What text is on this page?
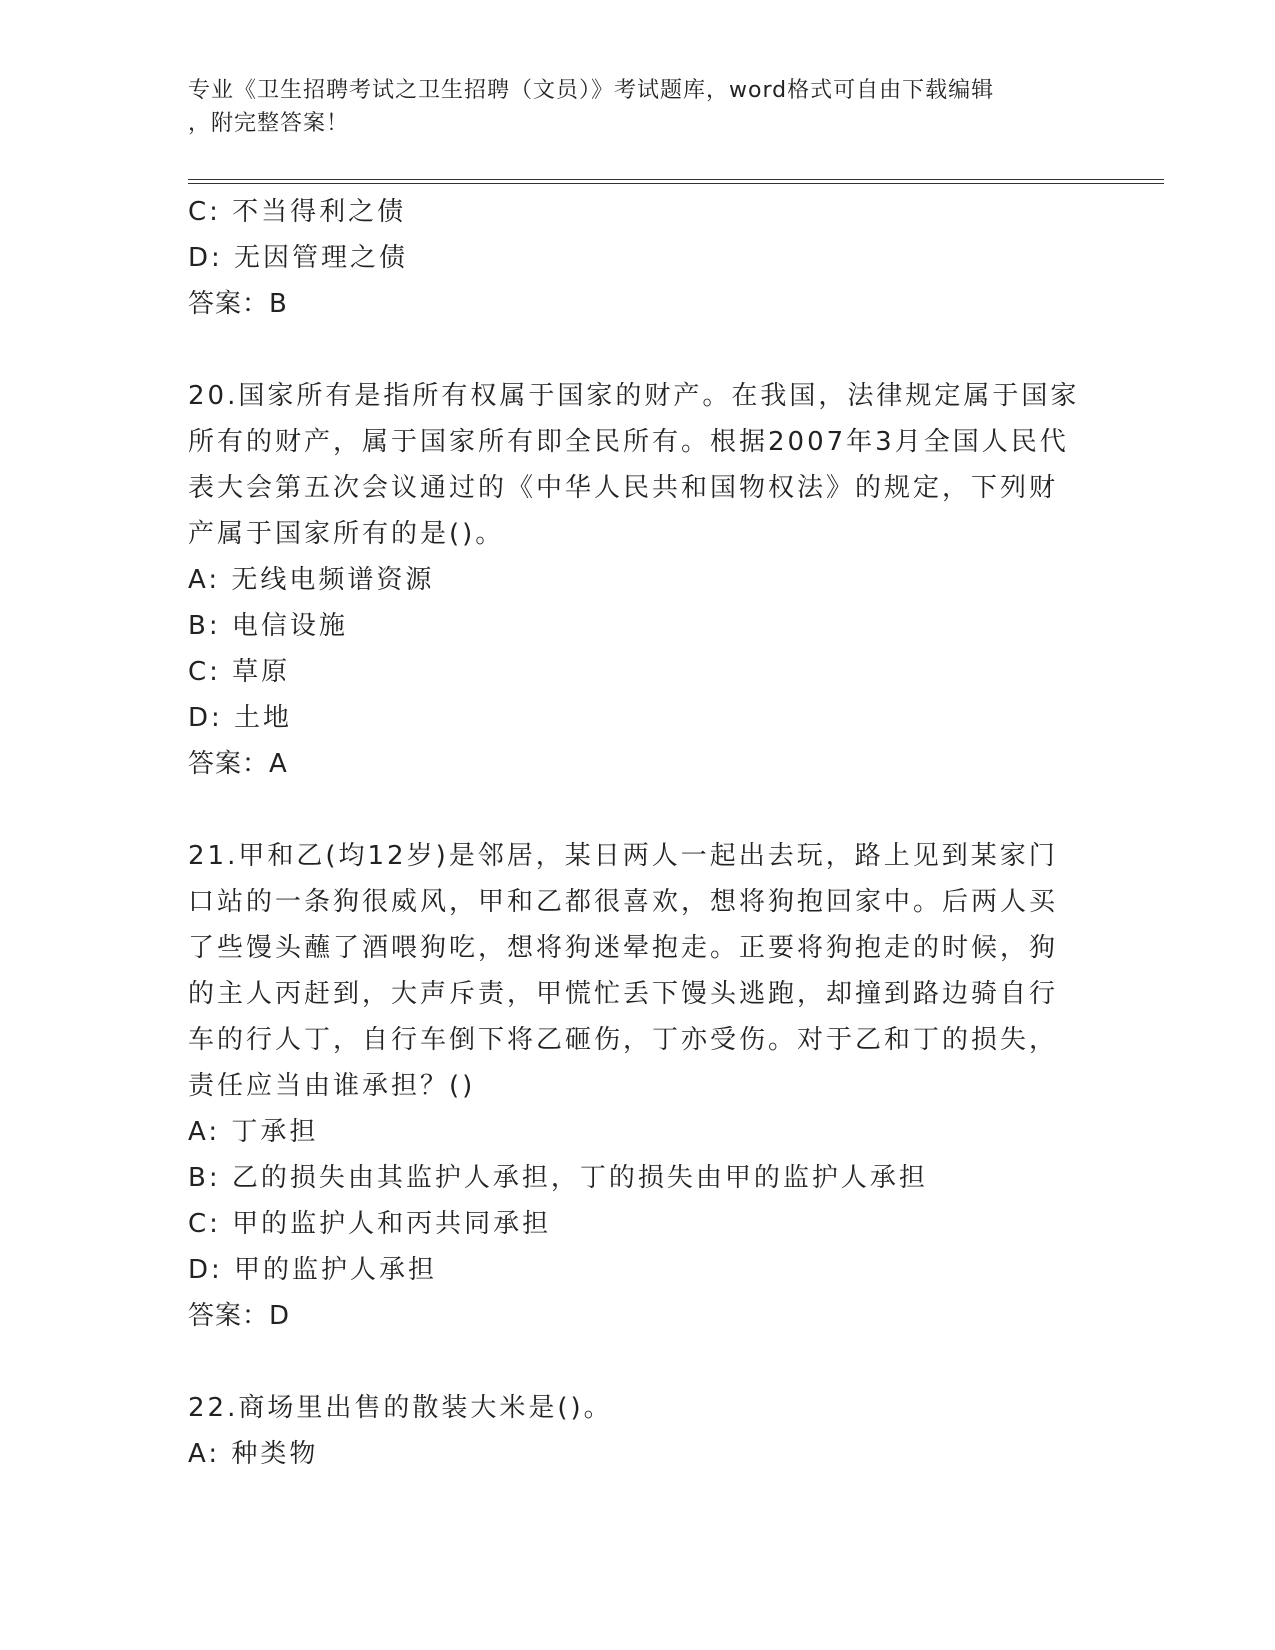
专业《卫生招聘考试之卫生招聘（文员）》考试题库，word格式可自由下载编辑
，附完整答案！
C: 不当得利之债
D: 无因管理之债
答案：B
20.国家所有是指所有权属于国家的财产。在我国，法律规定属于国家
所有的财产，属于国家所有即全民所有。根据2007年3月全国人民代
表大会第五次会议通过的《中华人民共和国物权法》的规定，下列财
产属于国家所有的是()。
A: 无线电频谱资源
B: 电信设施
C: 草原
D: 土地
答案：A
21.甲和乙(均12岁)是邻居，某日两人一起出去玩，路上见到某家门
口站的一条狗很威风，甲和乙都很喜欢，想将狗抱回家中。后两人买
了些馒头蘸了酒喂狗吃，想将狗迷晕抱走。正要将狗抱走的时候，狗
的主人丙赶到，大声斥责，甲慌忙丢下馒头逃跑，却撞到路边骑自行
车的行人丁，自行车倒下将乙砸伤，丁亦受伤。对于乙和丁的损失，
责任应当由谁承担？()
A: 丁承担
B: 乙的损失由其监护人承担，丁的损失由甲的监护人承担
C: 甲的监护人和丙共同承担
D: 甲的监护人承担
答案：D
22.商场里出售的散装大米是()。
A: 种类物
